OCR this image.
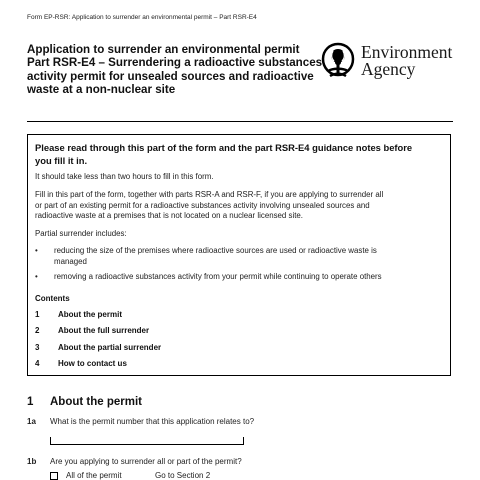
Form EP-RSR: Application to surrender an environmental permit – Part RSR-E4
Application to surrender an environmental permit
Part RSR-E4 – Surrendering a radioactive substances
activity permit for unsealed sources and radioactive
waste at a non-nuclear site
Environment
Agency
Please read through this part of the form and the part RSR-E4 guidance notes before
you fill it in.
It should take less than two hours to fill in this form.
Fill in this part of the form, together with parts RSR-A and RSR-F, if you are applying to surrender all
or part of an existing permit for a radioactive substances activity involving unsealed sources and
radioactive waste at a premises that is not located on a nuclear licensed site.
Partial surrender includes:
• reducing the size of the premises where radioactive sources are used or radioactive waste is
managed
• removing a radioactive substances activity from your permit while continuing to operate others
Contents
1 About the permit
2 About the full surrender
3 About the partial surrender
4 How to contact us
1 About the permit
1a What is the permit number that this application relates to?
1b Are you applying to surrender all or part of the permit?
All of the permit	Go to Section 2
